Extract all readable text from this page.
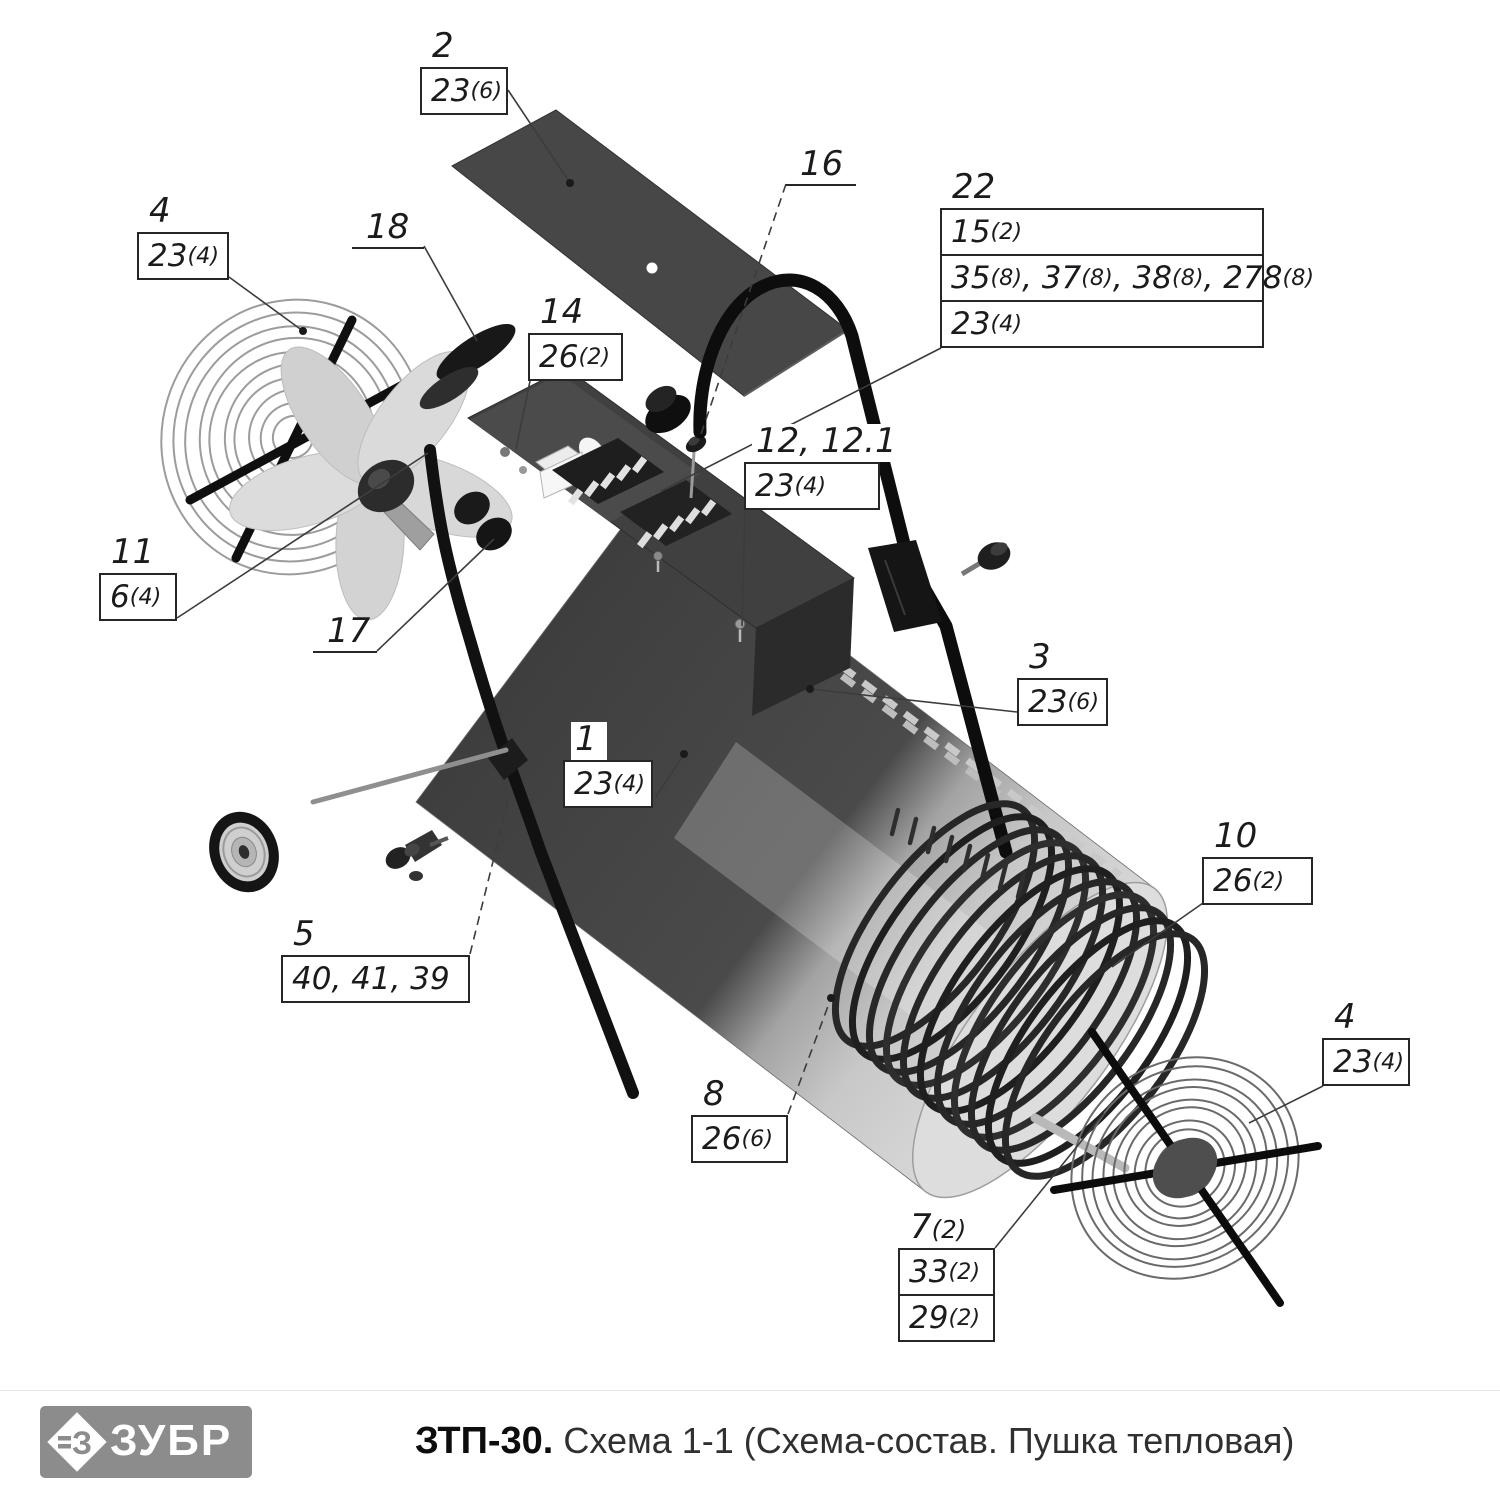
2
23 (6)
4
23 (4)
18
14
26 (2)
16
22
15 (2)
35 (8) , 37 (8) , 38 (8) , 278 (8)
23 (4)
12, 12.1
23 (4)
11
6 (4)
17
3
23 (6)
1
23 (4)
5
40, 41, 39
10
26 (2)
8
26 (6)
4
23 (4)
7(2)
33 (2)
29 (2)
З ЗУБР	ЗТП-30. Схема 1-1 (Схема-состав. Пушка тепловая)
